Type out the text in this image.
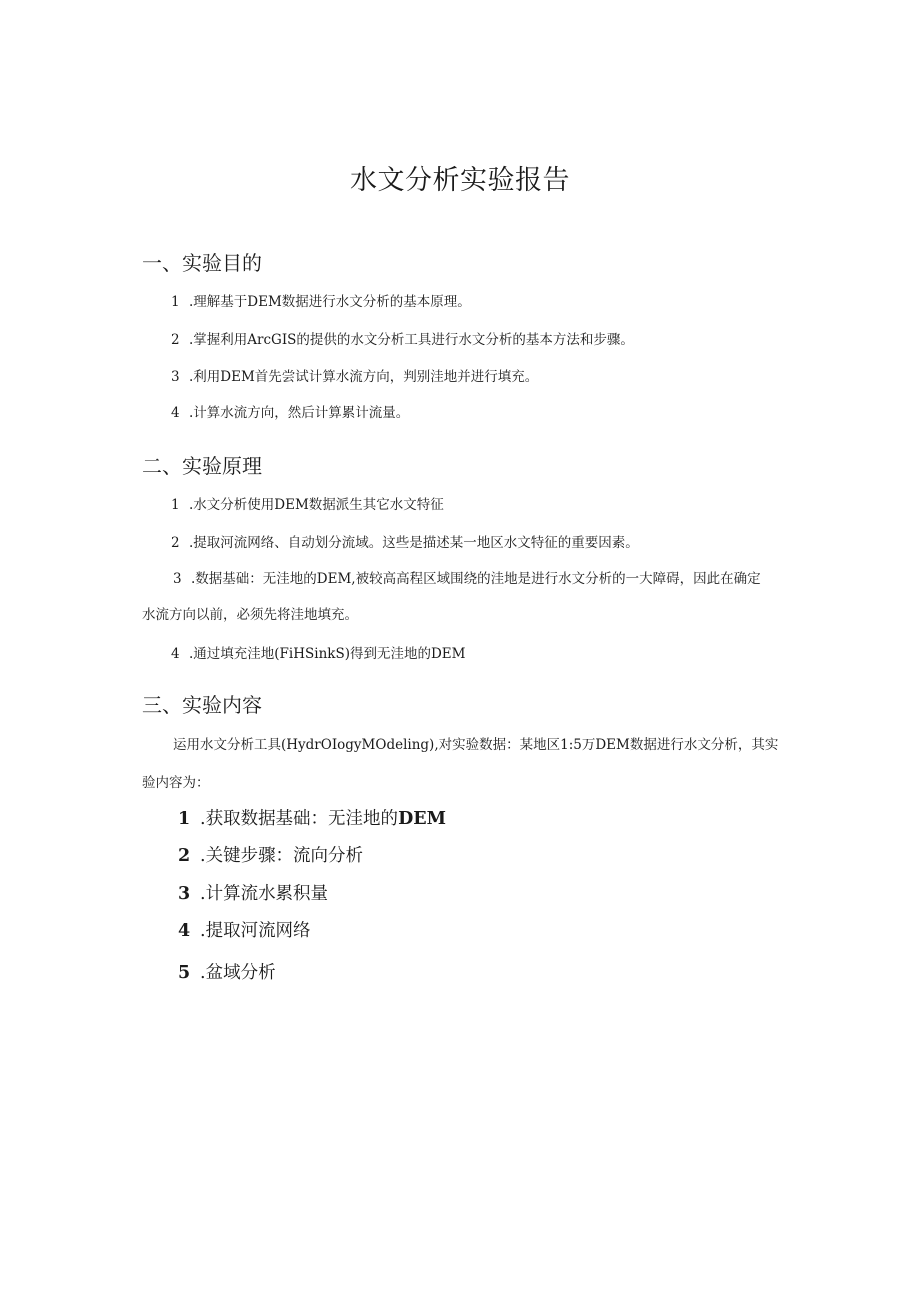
水文分析实验报告
一、实验目的
1 .理解基于DEM数据进行水文分析的基本原理。
2 .掌握利用ArcGIS的提供的水文分析工具进行水文分析的基本方法和步骤。
3 .利用DEM首先尝试计算水流方向，判别洼地并进行填充。
4 .计算水流方向，然后计算累计流量。
二、实验原理
1 .水文分析使用DEM数据派生其它水文特征
2 .提取河流网络、自动划分流域。这些是描述某一地区水文特征的重要因素。
3 .数据基础：无洼地的DEM,被较高高程区域围绕的洼地是进行水文分析的一大障碍，因此在确定
水流方向以前，必须先将洼地填充。
4 .通过填充洼地(FiHSinkS)得到无洼地的DEM
三、实验内容
运用水文分析工具(HydrOIogyMOdeling),对实验数据：某地区1:5万DEM数据进行水文分析，其实
验内容为：
1 .获取数据基础：无洼地的DEM
2 .关键步骤：流向分析
3 .计算流水累积量
4 .提取河流网络
5 .盆域分析
